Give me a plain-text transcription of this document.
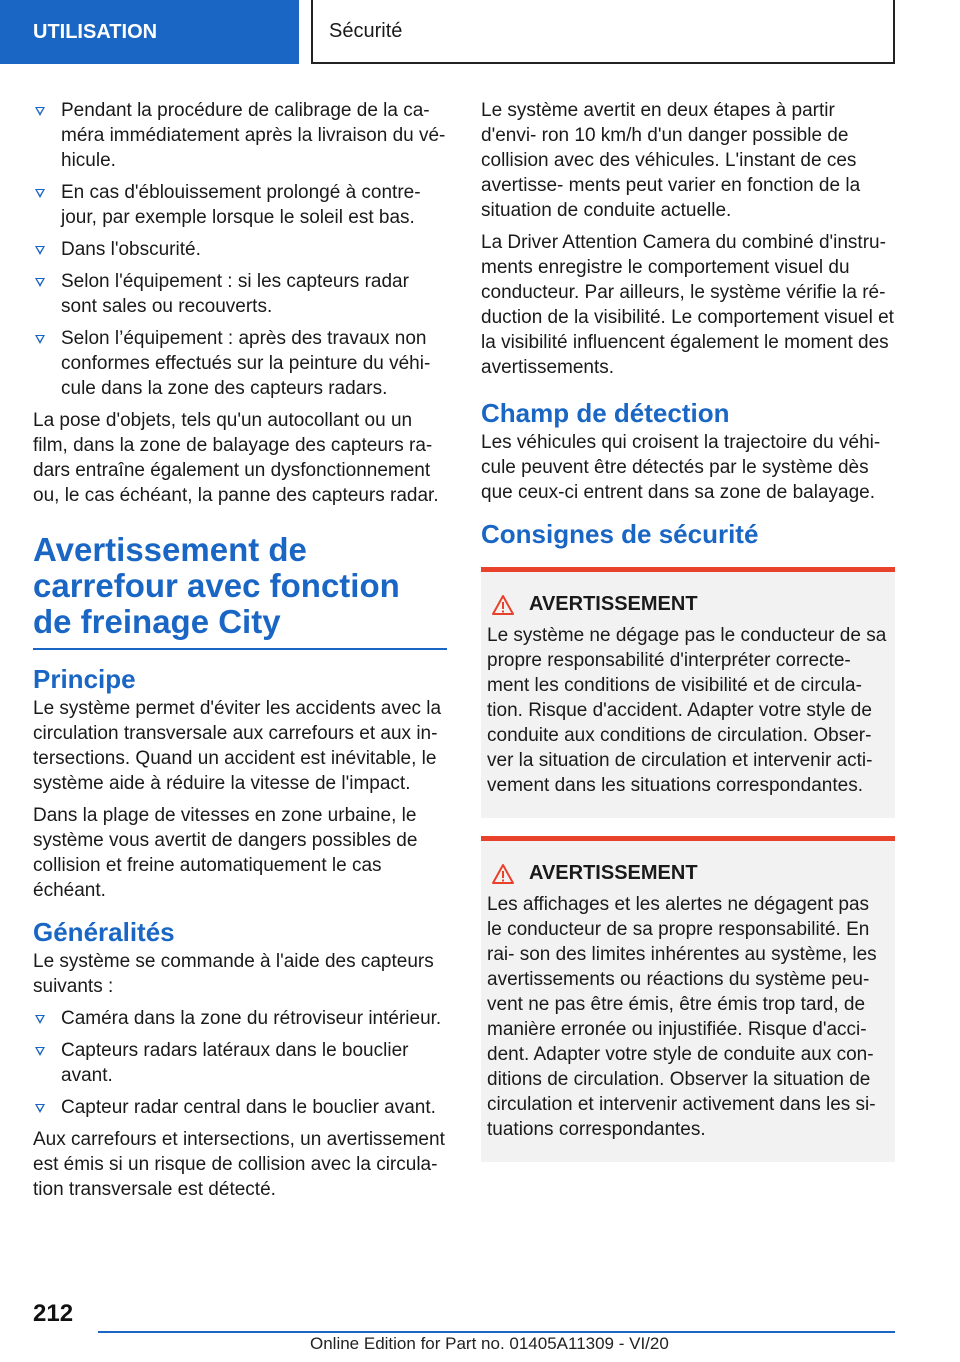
UTILISATION	Sécurité
Pendant la procédure de calibrage de la ca‐ méra immédiatement après la livraison du vé‐ hicule.
En cas d'éblouissement prolongé à contre- jour, par exemple lorsque le soleil est bas.
Dans l'obscurité.
Selon l'équipement : si les capteurs radar sont sales ou recouverts.
Selon l’équipement : après des travaux non conformes effectués sur la peinture du véhi‐ cule dans la zone des capteurs radars.

La pose d'objets, tels qu'un autocollant ou un film, dans la zone de balayage des capteurs ra‐ dars entraîne également un dysfonctionnement ou, le cas échéant, la panne des capteurs radar.

Avertissement de carrefour avec fonction de freinage City
Principe

Le système permet d'éviter les accidents avec la circulation transversale aux carrefours et aux in‐ tersections. Quand un accident est inévitable, le système aide à réduire la vitesse de l'impact.

Dans la plage de vitesses en zone urbaine, le système vous avertit de dangers possibles de collision et freine automatiquement le cas échéant.

Généralités

Le système se commande à l'aide des capteurs suivants :

Caméra dans la zone du rétroviseur intérieur.
Capteurs radars latéraux dans le bouclier avant.
Capteur radar central dans le bouclier avant.

Aux carrefours et intersections, un avertissement est émis si un risque de collision avec la circula‐ tion transversale est détecté.

Le système avertit en deux étapes à partir d'envi‐ ron 10 km/h d'un danger possible de collision avec des véhicules. L'instant de ces avertisse‐ ments peut varier en fonction de la situation de conduite actuelle.

La Driver Attention Camera du combiné d'instru‐ ments enregistre le comportement visuel du conducteur. Par ailleurs, le système vérifie la ré‐ duction de la visibilité. Le comportement visuel et la visibilité influencent également le moment des avertissements.

Champ de détection

Les véhicules qui croisent la trajectoire du véhi‐ cule peuvent être détectés par le système dès que ceux-ci entrent dans sa zone de balayage.

Consignes de sécurité
AVERTISSEMENT
Le système ne dégage pas le conducteur de sa propre responsabilité d'interpréter correcte‐ ment les conditions de visibilité et de circula‐ tion. Risque d'accident. Adapter votre style de conduite aux conditions de circulation. Obser‐ ver la situation de circulation et intervenir acti‐ vement dans les situations correspondantes.
AVERTISSEMENT
Les affichages et les alertes ne dégagent pas le conducteur de sa propre responsabilité. En rai‐ son des limites inhérentes au système, les avertissements ou réactions du système peu‐ vent ne pas être émis, être émis trop tard, de manière erronée ou injustifiée. Risque d'acci‐ dent. Adapter votre style de conduite aux con‐ ditions de circulation. Observer la situation de circulation et intervenir activement dans les si‐ tuations correspondantes.
212
Online Edition for Part no. 01405A11309 - VI/20
